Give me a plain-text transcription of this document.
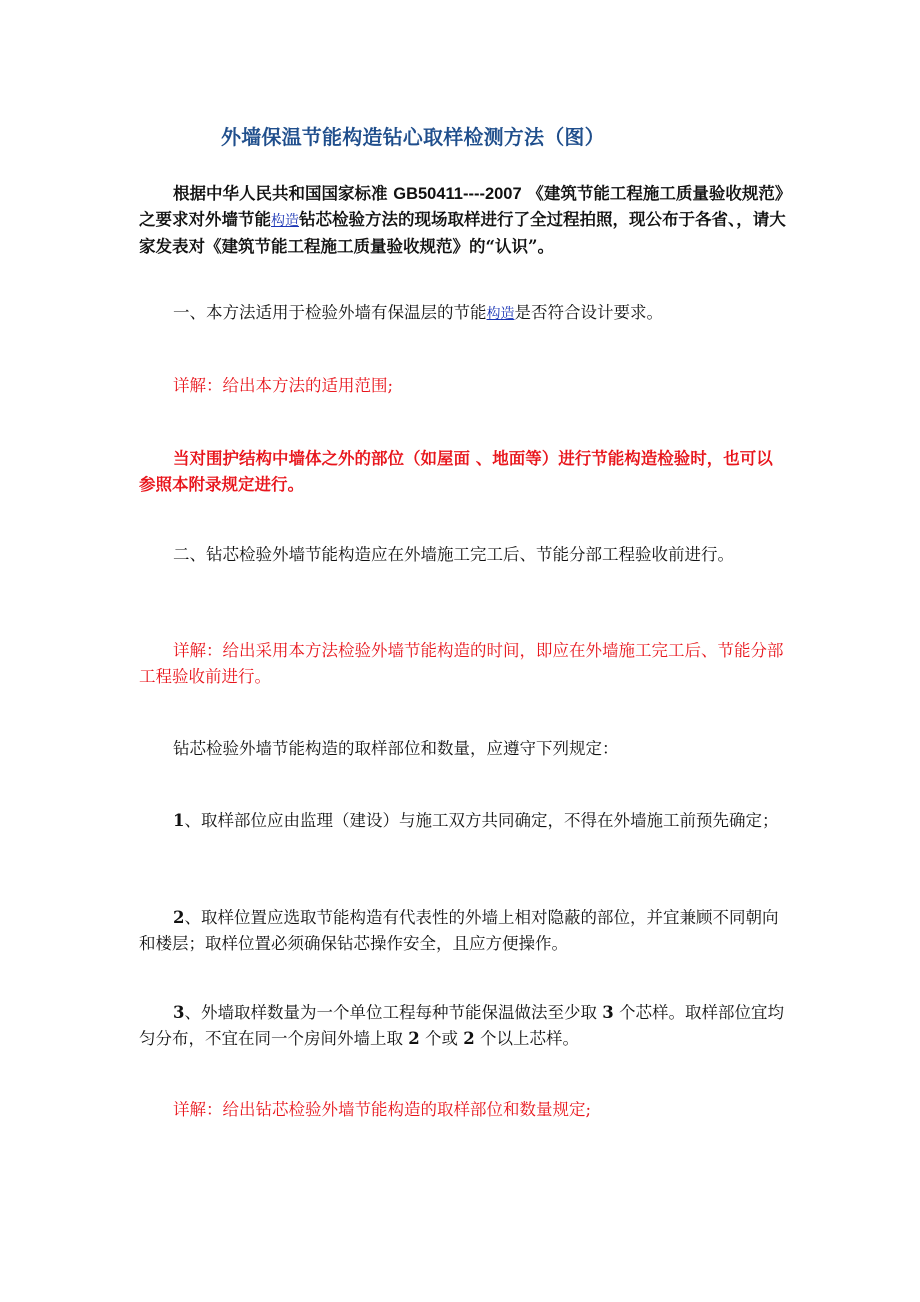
外墙保温节能构造钻心取样检测方法（图）

根据中华人民共和国国家标准 GB50411----2007 《建筑节能工程施工质量验收规范》之要求对外墙节能构造钻芯检验方法的现场取样进行了全过程拍照，现公布于各省、，请大家发表对《建筑节能工程施工质量验收规范》的“认识”。

一、本方法适用于检验外墙有保温层的节能构造是否符合设计要求。

详解：给出本方法的适用范围;

当对围护结构中墙体之外的部位（如屋面 、地面等）进行节能构造检验时，也可以参照本附录规定进行。

二、钻芯检验外墙节能构造应在外墙施工完工后、节能分部工程验收前进行。

详解：给出采用本方法检验外墙节能构造的时间，即应在外墙施工完工后、节能分部工程验收前进行。

钻芯检验外墙节能构造的取样部位和数量，应遵守下列规定：

1、取样部位应由监理（建设）与施工双方共同确定，不得在外墙施工前预先确定；

2、取样位置应选取节能构造有代表性的外墙上相对隐蔽的部位，并宜兼顾不同朝向和楼层；取样位置必须确保钻芯操作安全，且应方便操作。

3、外墙取样数量为一个单位工程每种节能保温做法至少取 3 个芯样。取样部位宜均匀分布，不宜在同一个房间外墙上取 2 个或 2 个以上芯样。

详解：给出钻芯检验外墙节能构造的取样部位和数量规定;
